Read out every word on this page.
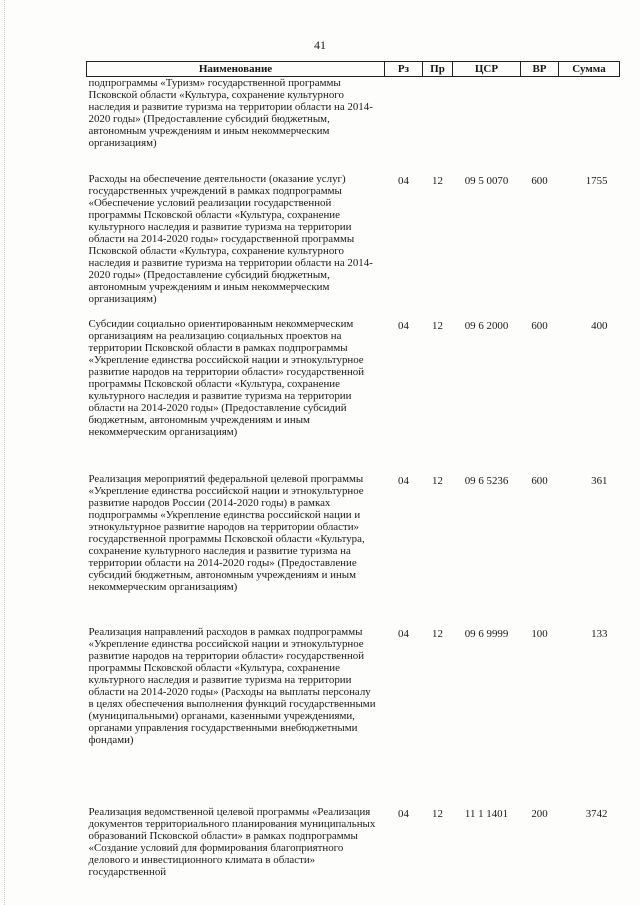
41
Наименование	Рз	Пр	ЦСР	ВР	Сумма
подпрограммы «Туризм» государственной программы Псковской области «Культура, сохранение культурного наследия и развитие туризма на территории области на 2014-2020 годы» (Предоставление субсидий бюджетным, автономным учреждениям и иным некоммерческим организациям)					
Расходы на обеспечение деятельности (оказание услуг) государственных учреждений в рамках подпрограммы «Обеспечение условий реализации государственной программы Псковской области «Культура, сохранение культурного наследия и развитие туризма на территории области на 2014-2020 годы» государственной программы Псковской области «Культура, сохранение культурного наследия и развитие туризма на территории области на 2014-2020 годы» (Предоставление субсидий бюджетным, автономным учреждениям и иным некоммерческим организациям)	04	12	09 5 0070	600	1755
Субсидии социально ориентированным некоммерческим организациям на реализацию социальных проектов на территории Псковской области в рамках подпрограммы «Укрепление единства российской нации и этнокультурное развитие народов на территории области» государственной программы Псковской области «Культура, сохранение культурного наследия и развитие туризма на территории области на 2014-2020 годы» (Предоставление субсидий бюджетным, автономным учреждениям и иным некоммерческим организациям)	04	12	09 6 2000	600	400
Реализация мероприятий федеральной целевой программы «Укрепление единства российской нации и этнокультурное развитие народов России (2014-2020 годы) в рамках подпрограммы «Укрепление единства российской нации и этнокультурное развитие народов на территории области» государственной программы Псковской области «Культура, сохранение культурного наследия и развитие туризма на территории области на 2014-2020 годы» (Предоставление субсидий бюджетным, автономным учреждениям и иным некоммерческим организациям)	04	12	09 6 5236	600	361
Реализация направлений расходов в рамках подпрограммы «Укрепление единства российской нации и этнокультурное развитие народов на территории области» государственной программы Псковской области «Культура, сохранение культурного наследия и развитие туризма на территории области на 2014-2020 годы» (Расходы на выплаты персоналу в целях обеспечения выполнения функций государственными (муниципальными) органами, казенными учреждениями, органами управления государственными внебюджетными фондами)	04	12	09 6 9999	100	133
Реализация ведомственной целевой программы «Реализация документов территориального планирования муниципальных образований Псковской области» в рамках подпрограммы «Создание условий для формирования благоприятного делового и инвестиционного климата в области» государственной	04	12	11 1 1401	200	3742
